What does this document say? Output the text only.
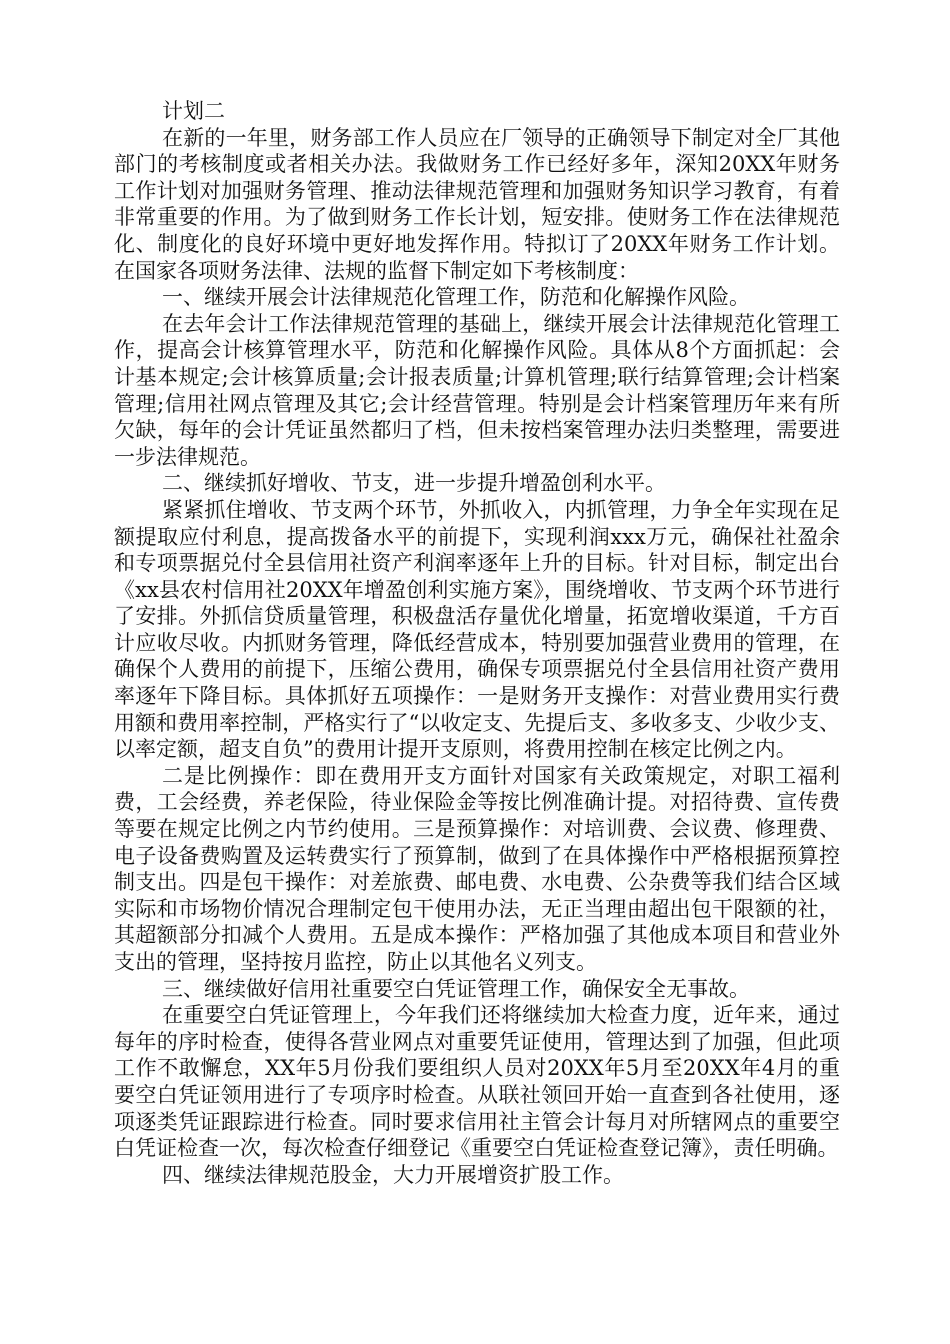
计划二

在新的一年里，财务部工作人员应在厂领导的正确领导下制定对全厂其他部门的考核制度或者相关办法。我做财务工作已经好多年，深知20XX年财务工作计划对加强财务管理、推动法律规范管理和加强财务知识学习教育，有着非常重要的作用。为了做到财务工作长计划，短安排。使财务工作在法律规范化、制度化的良好环境中更好地发挥作用。特拟订了20XX年财务工作计划。在国家各项财务法律、法规的监督下制定如下考核制度：

一、继续开展会计法律规范化管理工作，防范和化解操作风险。

在去年会计工作法律规范管理的基础上，继续开展会计法律规范化管理工作，提高会计核算管理水平，防范和化解操作风险。具体从8个方面抓起：会计基本规定;会计核算质量;会计报表质量;计算机管理;联行结算管理;会计档案管理;信用社网点管理及其它;会计经营管理。特别是会计档案管理历年来有所欠缺，每年的会计凭证虽然都归了档，但未按档案管理办法归类整理，需要进一步法律规范。

二、继续抓好增收、节支，进一步提升增盈创利水平。

紧紧抓住增收、节支两个环节，外抓收入，内抓管理，力争全年实现在足额提取应付利息，提高拨备水平的前提下，实现利润xxx万元，确保社社盈余和专项票据兑付全县信用社资产利润率逐年上升的目标。针对目标，制定出台《xx县农村信用社20XX年增盈创利实施方案》，围绕增收、节支两个环节进行了安排。外抓信贷质量管理，积极盘活存量优化增量，拓宽增收渠道，千方百计应收尽收。内抓财务管理，降低经营成本，特别要加强营业费用的管理，在确保个人费用的前提下，压缩公费用，确保专项票据兑付全县信用社资产费用率逐年下降目标。具体抓好五项操作：一是财务开支操作：对营业费用实行费用额和费用率控制，严格实行了“以收定支、先提后支、多收多支、少收少支、以率定额，超支自负”的费用计提开支原则，将费用控制在核定比例之内。

二是比例操作：即在费用开支方面针对国家有关政策规定，对职工福利费，工会经费，养老保险，待业保险金等按比例准确计提。对招待费、宣传费等要在规定比例之内节约使用。三是预算操作：对培训费、会议费、修理费、电子设备费购置及运转费实行了预算制，做到了在具体操作中严格根据预算控制支出。四是包干操作：对差旅费、邮电费、水电费、公杂费等我们结合区域实际和市场物价情况合理制定包干使用办法，无正当理由超出包干限额的社，其超额部分扣减个人费用。五是成本操作：严格加强了其他成本项目和营业外支出的管理，坚持按月监控，防止以其他名义列支。

三、继续做好信用社重要空白凭证管理工作，确保安全无事故。

在重要空白凭证管理上，今年我们还将继续加大检查力度，近年来，通过每年的序时检查，使得各营业网点对重要凭证使用，管理达到了加强，但此项工作不敢懈怠，XX年5月份我们要组织人员对20XX年5月至20XX年4月的重要空白凭证领用进行了专项序时检查。从联社领回开始一直查到各社使用，逐项逐类凭证跟踪进行检查。同时要求信用社主管会计每月对所辖网点的重要空白凭证检查一次，每次检查仔细登记《重要空白凭证检查登记簿》，责任明确。

四、继续法律规范股金，大力开展增资扩股工作。
